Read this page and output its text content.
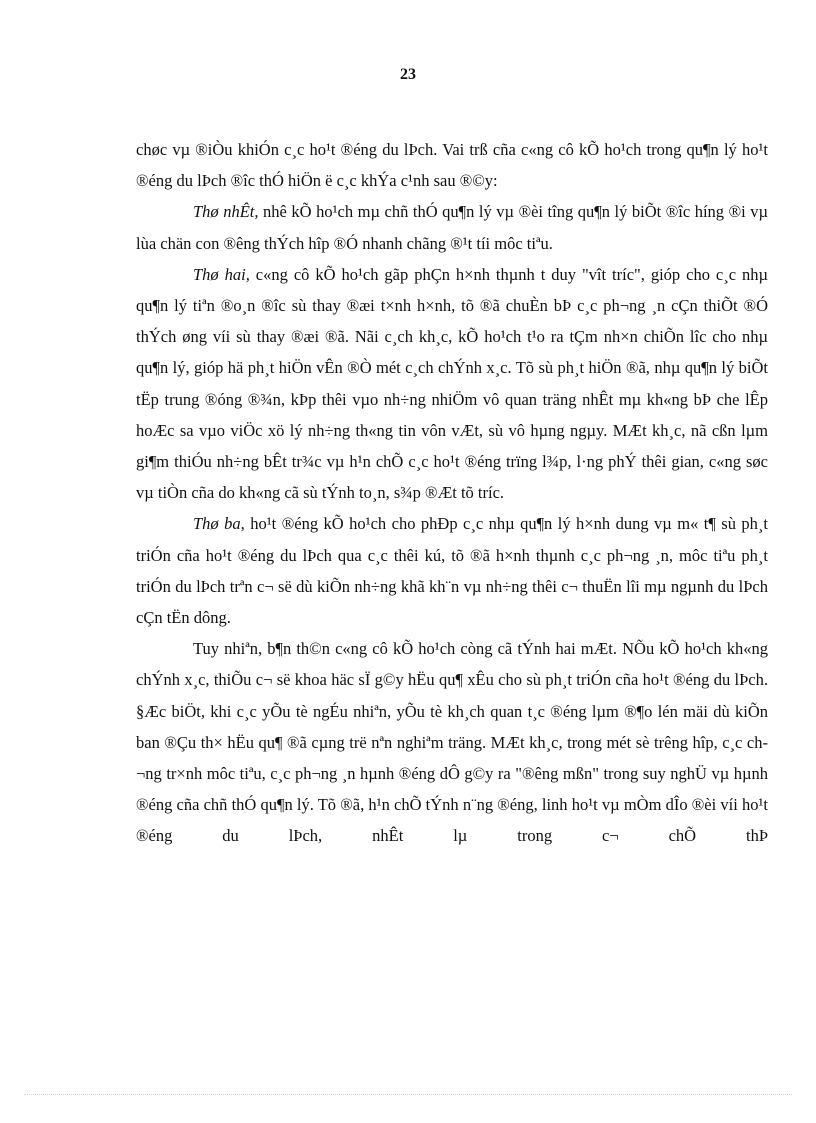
23

chøc vµ ®iÒu khiÓn c¸c ho¹t ®éng du lÞch. Vai trß cña c«ng cô kÕ ho¹ch trong qu¶n lý ho¹t ®éng du lÞch ®îc thÓ hiÖn ë c¸c khÝa c¹nh sau ®©y:

Thø nhÊt, nhê kÕ ho¹ch mµ chñ thÓ qu¶n lý vµ ®èi tîng qu¶n lý biÕt ®îc híng ®i vµ lùa chän con ®êng thÝch hîp ®Ó nhanh chãng ®¹t tíi môc tiªu.

Thø hai, c«ng cô kÕ ho¹ch gãp phÇn h×nh thµnh t duy "vît tríc", gióp cho c¸c nhµ qu¶n lý tiªn ®o¸n ®îc sù thay ®æi t×nh h×nh, tõ ®ã chuÈn bÞ c¸c ph¬ng ¸n cÇn thiÕt ®Ó thÝch øng víi sù thay ®æi ®ã. Nãi c¸ch kh¸c, kÕ ho¹ch t¹o ra tÇm nh×n chiÕn lîc cho nhµ qu¶n lý, gióp hä ph¸t hiÖn vÊn ®Ò mét c¸ch chÝnh x¸c. Tõ sù ph¸t hiÖn ®ã, nhµ qu¶n lý biÕt tËp trung ®óng ®¾n, kÞp thêi vµo nh÷ng nhiÖm vô quan träng nhÊt mµ kh«ng bÞ che lÊp hoÆc sa vµo viÖc xö lý nh÷ng th«ng tin vôn vÆt, sù vô hµng ngµy. MÆt kh¸c, nã cßn lµm gi¶m thiÓu nh÷ng bÊt tr¾c vµ h¹n chÕ c¸c ho¹t ®éng trïng l¾p, l·ng phÝ thêi gian, c«ng søc vµ tiÒn cña do kh«ng cã sù tÝnh to¸n, s¾p ®Æt tõ tríc.

Thø ba, ho¹t ®éng kÕ ho¹ch cho phÐp c¸c nhµ qu¶n lý h×nh dung vµ m« t¶ sù ph¸t triÓn cña ho¹t ®éng du lÞch qua c¸c thêi kú, tõ ®ã h×nh thµnh c¸c ph¬ng ¸n, môc tiªu ph¸t triÓn du lÞch trªn c¬ së dù kiÕn nh÷ng khã kh¨n vµ nh÷ng thêi c¬ thuËn lîi mµ ngµnh du lÞch cÇn tËn dông.

Tuy nhiªn, b¶n th©n c«ng cô kÕ ho¹ch còng cã tÝnh hai mÆt. NÕu kÕ ho¹ch kh«ng chÝnh x¸c, thiÕu c¬ së khoa häc sÏ g©y hËu qu¶ xÊu cho sù ph¸t triÓn cña ho¹t ®éng du lÞch. §Æc biÖt, khi c¸c yÕu tè ngÉu nhiªn, yÕu tè kh¸ch quan t¸c ®éng lµm ®¶o lén mäi dù kiÕn ban ®Çu th× hËu qu¶ ®ã cµng trë nªn nghiªm träng. MÆt kh¸c, trong mét sè trêng hîp, c¸c ch¬ng tr×nh môc tiªu, c¸c ph¬ng ¸n hµnh ®éng dÔ g©y ra "®êng mßn" trong suy nghÜ vµ hµnh ®éng cña chñ thÓ qu¶n lý. Tõ ®ã, h¹n chÕ tÝnh n¨ng ®éng, linh ho¹t vµ mÒm dÎo ®èi víi ho¹t ®éng du lÞch, nhÊt lµ trong c¬ chÕ thÞ
